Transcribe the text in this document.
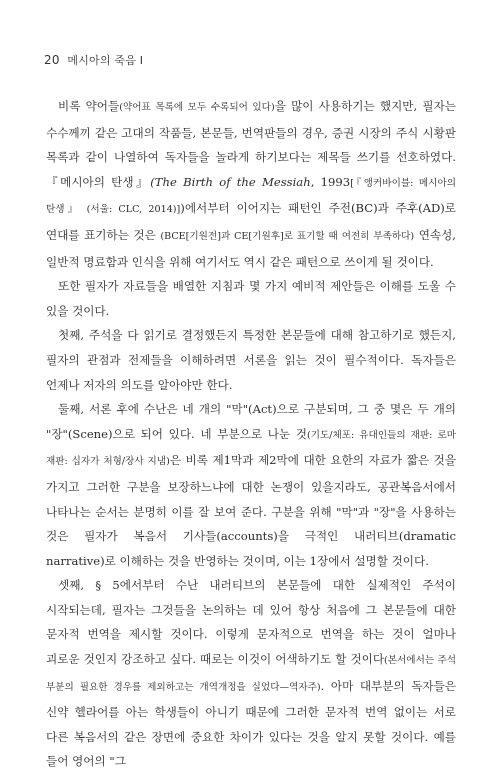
20 메시아의 죽음 I

비록 약어들(약어표 목록에 모두 수록되어 있다)을 많이 사용하기는 했지만, 필자는 수수께끼 같은 고대의 작품들, 본문들, 번역판들의 경우, 증권 시장의 주식 시황판 목록과 같이 나열하여 독자들을 놀라게 하기보다는 제목들 쓰기를 선호하였다. 『메시아의 탄생』(The Birth of the Messiah, 1993[『앵커바이블: 메시아의 탄생』 (서울: CLC, 2014)])에서부터 이어지는 패턴인 주전(BC)과 주후(AD)로 연대를 표기하는 것은 (BCE[기원전]과 CE[기원후]로 표기할 때 여전히 부족하다) 연속성, 일반적 명료함과 인식을 위해 여기서도 역시 같은 패턴으로 쓰이게 될 것이다.

또한 필자가 자료들을 배열한 지침과 몇 가지 예비적 제안들은 이해를 도울 수 있을 것이다.

첫째, 주석을 다 읽기로 결정했든지 특정한 본문들에 대해 참고하기로 했든지, 필자의 관점과 전제들을 이해하려면 서론을 읽는 것이 필수적이다. 독자들은 언제나 저자의 의도를 알아야만 한다.

둘째, 서론 후에 수난은 네 개의 "막"(Act)으로 구분되며, 그 중 몇은 두 개의 "장"(Scene)으로 되어 있다. 네 부분으로 나눈 것(기도/체포: 유대인들의 재판: 로마 재판: 십자가 처형/장사 지냄)은 비록 제1막과 제2막에 대한 요한의 자료가 짧은 것을 가지고 그러한 구분을 보장하느냐에 대한 논쟁이 있을지라도, 공관복음서에서 나타나는 순서는 분명히 이를 잘 보여 준다. 구분을 위해 "막"과 "장"을 사용하는 것은 필자가 복음서 기사들(accounts)을 극적인 내러티브(dramatic narrative)로 이해하는 것을 반영하는 것이며, 이는 1장에서 설명할 것이다.

셋째, § 5에서부터 수난 내러티브의 본문들에 대한 실제적인 주석이 시작되는데, 필자는 그것들을 논의하는 데 있어 항상 처음에 그 본문들에 대한 문자적 번역을 제시할 것이다. 이렇게 문자적으로 번역을 하는 것이 얼마나 괴로운 것인지 강조하고 싶다. 때로는 이것이 어색하기도 할 것이다(본서에서는 주석 부분의 필요한 경우를 제외하고는 개역개정을 실었다—역자주). 아마 대부분의 독자들은 신약 헬라어를 아는 학생들이 아니기 때문에 그러한 문자적 번역 없이는 서로 다른 복음서의 같은 장면에 중요한 차이가 있다는 것을 알지 못할 것이다. 예를 들어 영어의 "그
